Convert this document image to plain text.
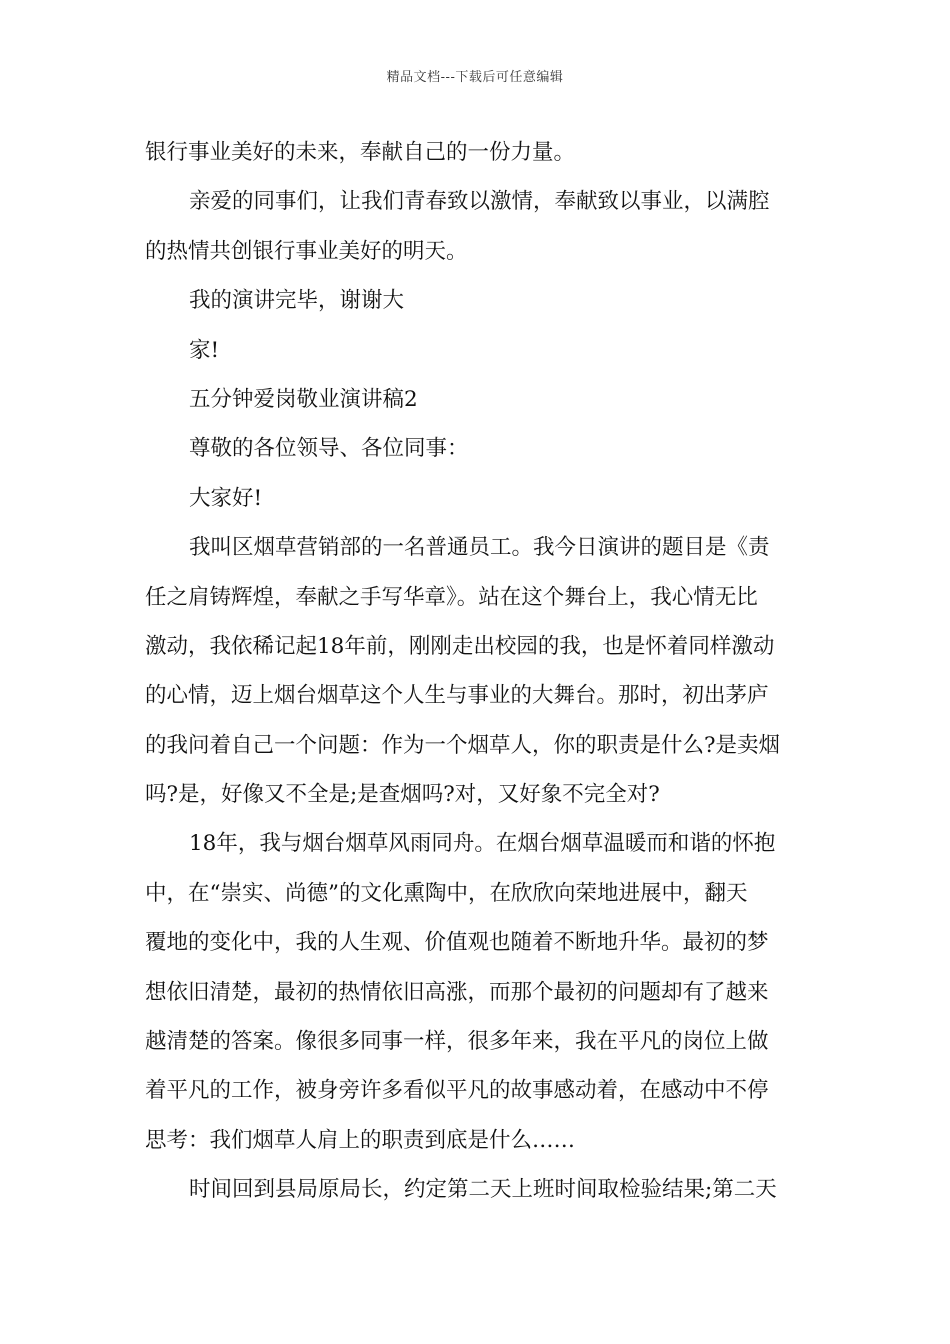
精品文档---下载后可任意编辑
银行事业美好的未来，奉献自己的一份力量。
亲爱的同事们，让我们青春致以激情，奉献致以事业，以满腔
的热情共创银行事业美好的明天。
我的演讲完毕，谢谢大
家!
五分钟爱岗敬业演讲稿2
尊敬的各位领导、各位同事：
大家好!
我叫区烟草营销部的一名普通员工。我今日演讲的题目是《责
任之肩铸辉煌，奉献之手写华章》。站在这个舞台上，我心情无比
激动，我依稀记起18年前，刚刚走出校园的我，也是怀着同样激动
的心情，迈上烟台烟草这个人生与事业的大舞台。那时，初出茅庐
的我问着自己一个问题：作为一个烟草人，你的职责是什么?是卖烟
吗?是，好像又不全是;是查烟吗?对，又好象不完全对?
18年，我与烟台烟草风雨同舟。在烟台烟草温暖而和谐的怀抱
中，在“崇实、尚德”的文化熏陶中，在欣欣向荣地进展中，翻天
覆地的变化中，我的人生观、价值观也随着不断地升华。最初的梦
想依旧清楚，最初的热情依旧高涨，而那个最初的问题却有了越来
越清楚的答案。像很多同事一样，很多年来，我在平凡的岗位上做
着平凡的工作，被身旁许多看似平凡的故事感动着，在感动中不停
思考：我们烟草人肩上的职责到底是什么……
时间回到县局原局长，约定第二天上班时间取检验结果;第二天
